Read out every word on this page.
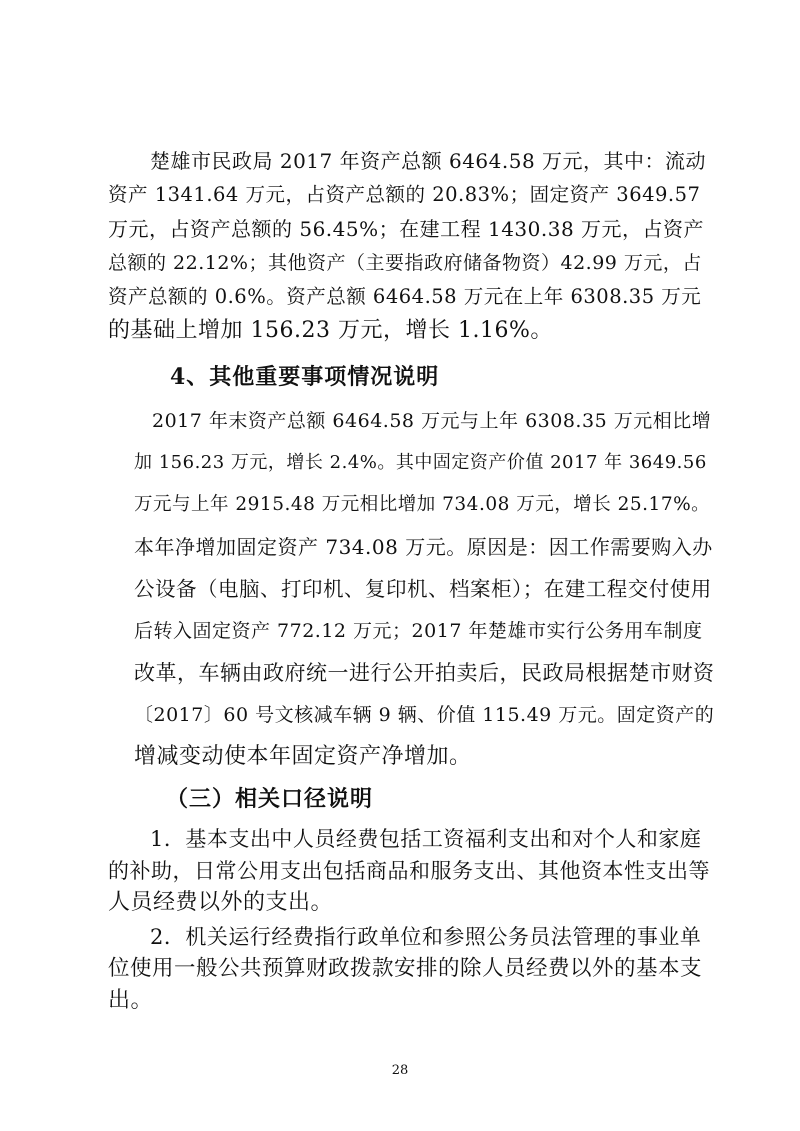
楚雄市民政局 2017 年资产总额 6464.58 万元，其中：流动
资产 1341.64 万元，占资产总额的 20.83%；固定资产 3649.57
万元，占资产总额的 56.45%；在建工程 1430.38 万元，占资产
总额的 22.12%；其他资产（主要指政府储备物资）42.99 万元，占
资产总额的 0.6%。资产总额 6464.58 万元在上年 6308.35 万元
的基础上增加 156.23 万元，增长 1.16%。
4、其他重要事项情况说明
2017 年末资产总额 6464.58 万元与上年 6308.35 万元相比增
加 156.23 万元，增长 2.4%。其中固定资产价值 2017 年 3649.56
万元与上年 2915.48 万元相比增加 734.08 万元，增长 25.17%。
本年净增加固定资产 734.08 万元。原因是：因工作需要购入办
公设备（电脑、打印机、复印机、档案柜）；在建工程交付使用
后转入固定资产 772.12 万元；2017 年楚雄市实行公务用车制度
改革，车辆由政府统一进行公开拍卖后，民政局根据楚市财资
〔2017〕60 号文核减车辆 9 辆、价值 115.49 万元。固定资产的
增减变动使本年固定资产净增加。
（三）相关口径说明
1．基本支出中人员经费包括工资福利支出和对个人和家庭
的补助，日常公用支出包括商品和服务支出、其他资本性支出等
人员经费以外的支出。
2．机关运行经费指行政单位和参照公务员法管理的事业单
位使用一般公共预算财政拨款安排的除人员经费以外的基本支
出。
28
